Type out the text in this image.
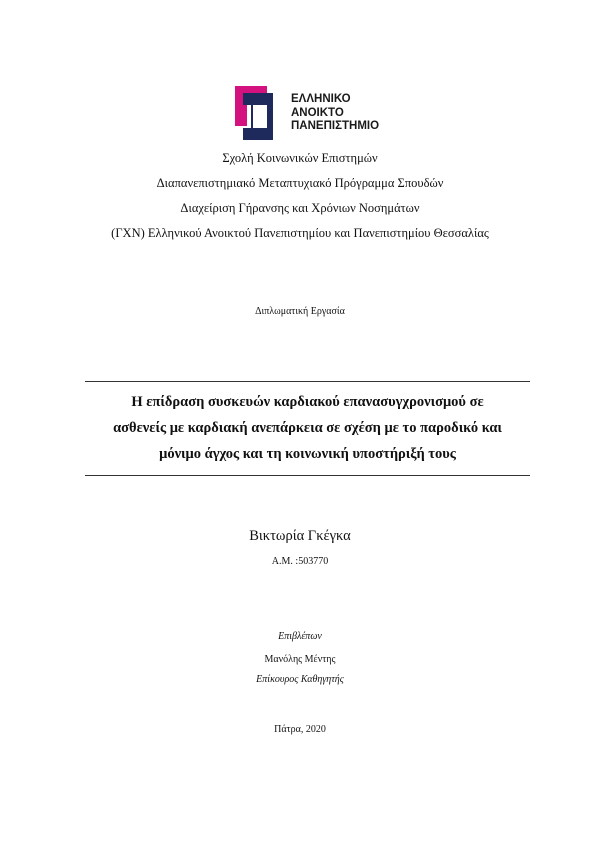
ΕΛΛΗΝΙΚΟ
ΑΝΟΙΚΤΟ
ΠΑΝΕΠΙΣΤΗΜΙΟ
Σχολή Κοινωνικών Επιστημών
Διαπανεπιστημιακό Μεταπτυχιακό Πρόγραμμα Σπουδών
Διαχείριση Γήρανσης και Χρόνιων Νοσημάτων
(ΓΧΝ) Ελληνικού Ανοικτού Πανεπιστημίου και Πανεπιστημίου Θεσσαλίας
Διπλωματική Εργασία
Η επίδραση συσκευών καρδιακού επανασυγχρονισμού σε
ασθενείς με καρδιακή ανεπάρκεια σε σχέση με το παροδικό και
μόνιμο άγχος και τη κοινωνική υποστήριξή τους
Βικτωρία Γκέγκα
Α.Μ. :503770
Επιβλέπων
Μανόλης Μέντης
Επίκουρος Καθηγητής
Πάτρα, 2020
